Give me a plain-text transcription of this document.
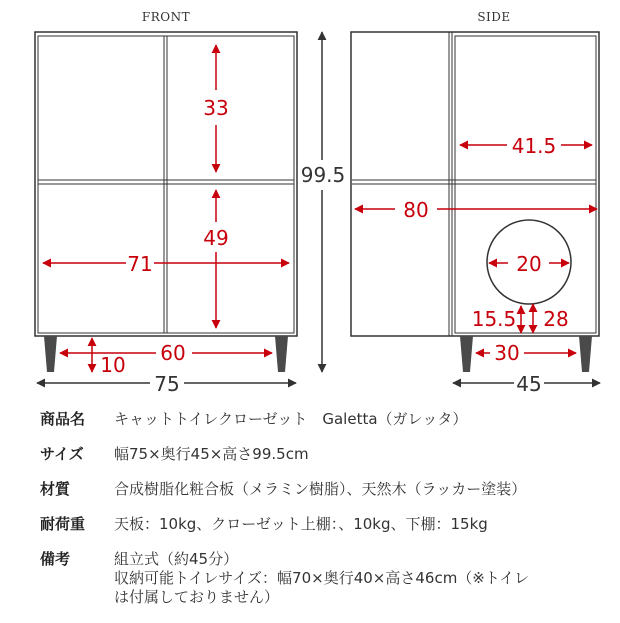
FRONT
33
49
71
99.5
60
10
75
SIDE
41.5
80
20
15.5 28
30
45
商品名	キャットトイレクローゼット　Galetta（ガレッタ）
サイズ	幅75×奥行45×高さ99.5cm
材質	合成樹脂化粧合板（メラミン樹脂）、天然木（ラッカー塗装）
耐荷重	天板：10kg、クローゼット上棚：、10kg、下棚：15kg
備考	組立式（約45分）
収納可能トイレサイズ：幅70×奥行40×高さ46cm（※トイレ
は付属しておりません）
